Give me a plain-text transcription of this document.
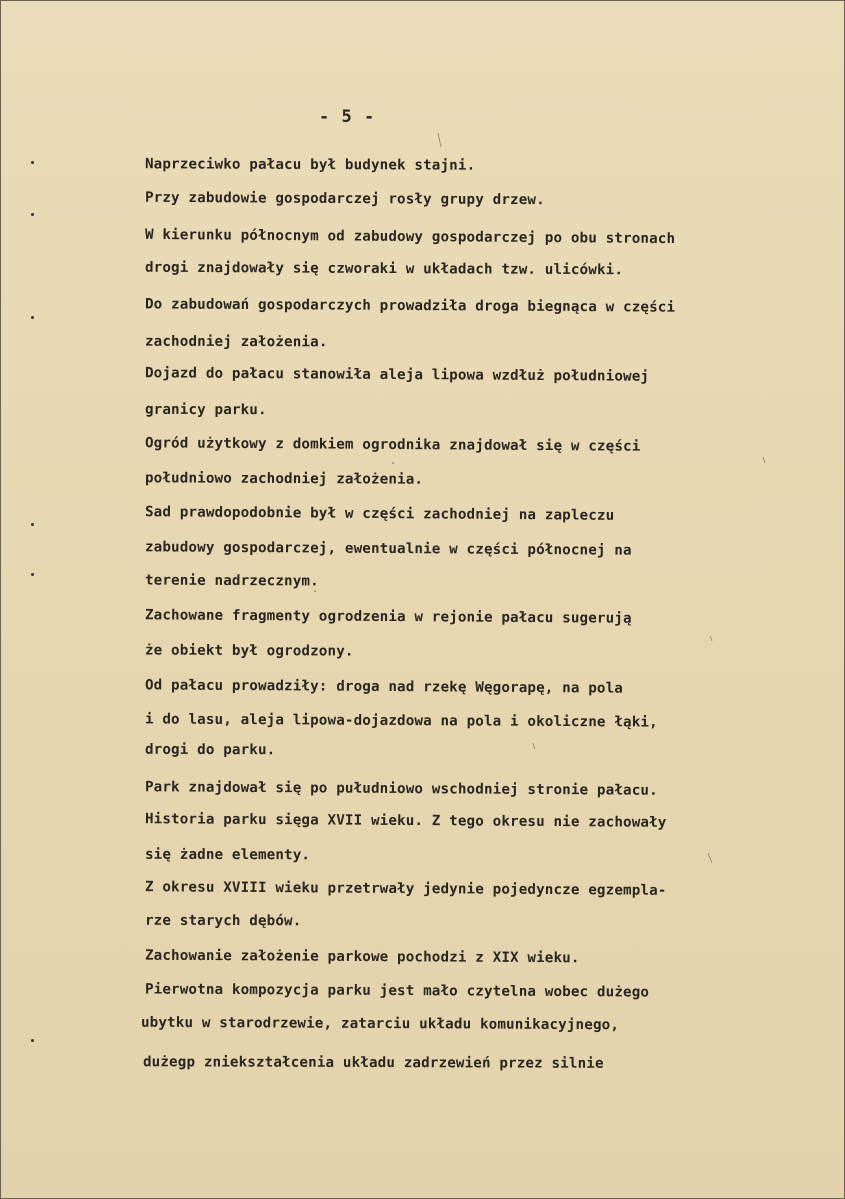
- 5 -
Naprzeciwko pałacu był budynek stajni.
Przy zabudowie gospodarczej rosły grupy drzew.
W kierunku północnym od zabudowy gospodarczej po obu stronach
drogi znajdowały się czworaki w układach tzw. ulicówki.
Do zabudowań gospodarczych prowadziła droga biegnąca w części
zachodniej założenia.
Dojazd do pałacu stanowiła aleja lipowa wzdłuż południowej
granicy parku.
Ogród użytkowy z domkiem ogrodnika znajdował się w części
południowo zachodniej założenia.
Sad prawdopodobnie był w części zachodniej na zapleczu
zabudowy gospodarczej, ewentualnie w części północnej na
terenie nadrzecznym.
Zachowane fragmenty ogrodzenia w rejonie pałacu sugerują
że obiekt był ogrodzony.
Od pałacu prowadziły: droga nad rzekę Węgorapę, na pola
i do lasu, aleja lipowa-dojazdowa na pola i okoliczne łąki,
drogi do parku.
Park znajdował się po pułudniowo wschodniej stronie pałacu.
Historia parku sięga XVII wieku. Z tego okresu nie zachowały
się żadne elementy.
Z okresu XVIII wieku przetrwały jedynie pojedyncze egzempla-
rze starych dębów.
Zachowanie założenie parkowe pochodzi z XIX wieku.
Pierwotna kompozycja parku jest mało czytelna wobec dużego
ubytku w starodrzewie, zatarciu układu komunikacyjnego,
dużegp zniekształcenia układu zadrzewień przez silnie
